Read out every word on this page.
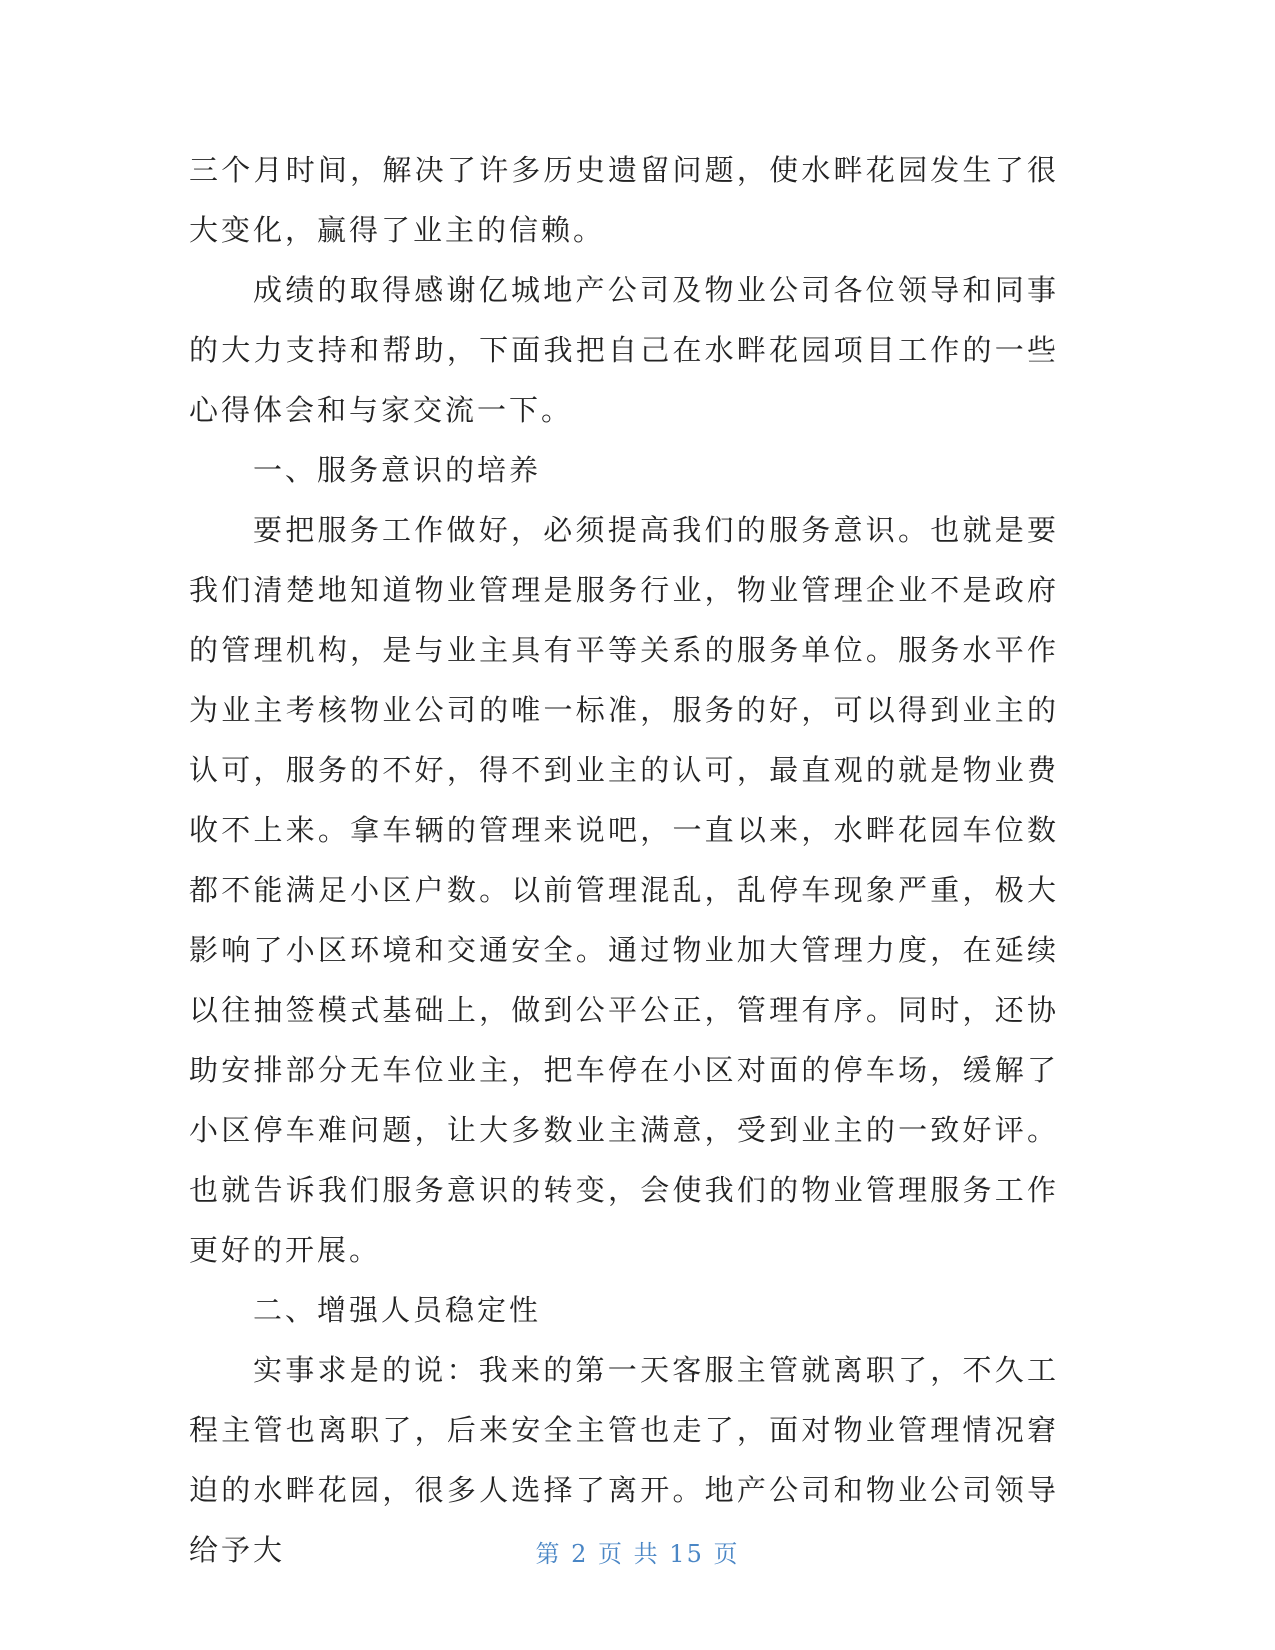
三个月时间，解决了许多历史遗留问题，使水畔花园发生了很大变化，赢得了业主的信赖。

成绩的取得感谢亿城地产公司及物业公司各位领导和同事的大力支持和帮助，下面我把自己在水畔花园项目工作的一些心得体会和与家交流一下。

一、服务意识的培养

要把服务工作做好，必须提高我们的服务意识。也就是要我们清楚地知道物业管理是服务行业，物业管理企业不是政府的管理机构，是与业主具有平等关系的服务单位。服务水平作为业主考核物业公司的唯一标准，服务的好，可以得到业主的认可，服务的不好，得不到业主的认可，最直观的就是物业费收不上来。拿车辆的管理来说吧，一直以来，水畔花园车位数都不能满足小区户数。以前管理混乱，乱停车现象严重，极大影响了小区环境和交通安全。通过物业加大管理力度，在延续以往抽签模式基础上，做到公平公正，管理有序。同时，还协助安排部分无车位业主，把车停在小区对面的停车场，缓解了小区停车难问题，让大多数业主满意，受到业主的一致好评。也就告诉我们服务意识的转变，会使我们的物业管理服务工作更好的开展。

二、增强人员稳定性

实事求是的说：我来的第一天客服主管就离职了，不久工程主管也离职了，后来安全主管也走了，面对物业管理情况窘迫的水畔花园，很多人选择了离开。地产公司和物业公司领导给予大	第 2 页 共 15 页
